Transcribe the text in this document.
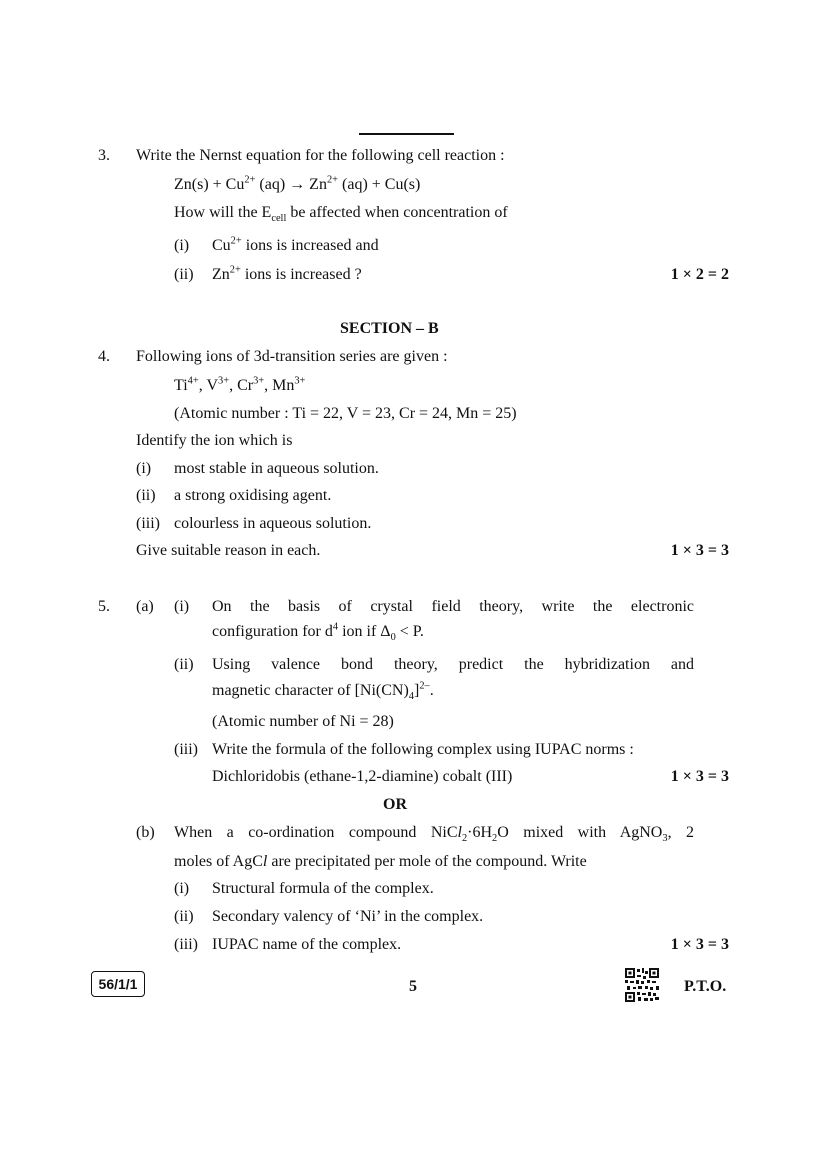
3. Write the Nernst equation for the following cell reaction :
$Zn(s) + Cu^{2+}$ $(aq) \to Zn^{2+}$ (aq) + Cu(s)
How will the $E_{cell}$ be affected when concentration of
(i) $Cu^{2+}$ ions is increased and
(ii) $Zn^{2+}$ ions is increased ?	1 × 2 = 2
SECTION – B
4. Following ions of 3d-transition series are given :
$Ti^{4+}$, $V^{3+}$, $Cr^{3+}$, $Mn^{3+}$
(Atomic number : Ti = 22, V = 23, Cr = 24, Mn = 25)
Identify the ion which is
(i) most stable in aqueous solution.
(ii) a strong oxidising agent.
(iii) colourless in aqueous solution.
Give suitable reason in each.	1 × 3 = 3
5. (a) (i) On the basis of crystal field theory, write the electronic
configuration for $d^4$ ion if $\Delta_0 < P$.
(ii) Using valence bond theory, predict the hybridization and
magnetic character of $[Ni(CN)_4]^{2-}$.
(Atomic number of Ni = 28)
(iii) Write the formula of the following complex using IUPAC norms :
Dichloridobis (ethane-1,2-diamine) cobalt (III)	1 × 3 = 3
OR
(b) When a co-ordination compound $NiCl_2\cdot 6H_2O$ mixed with AgNO$_3$, 2
moles of AgCl are precipitated per mole of the compound. Write
(i) Structural formula of the complex.
(ii) Secondary valency of ‘Ni’ in the complex.
(iii) IUPAC name of the complex.	1 × 3 = 3
56/1/1	5	P.T.O.
